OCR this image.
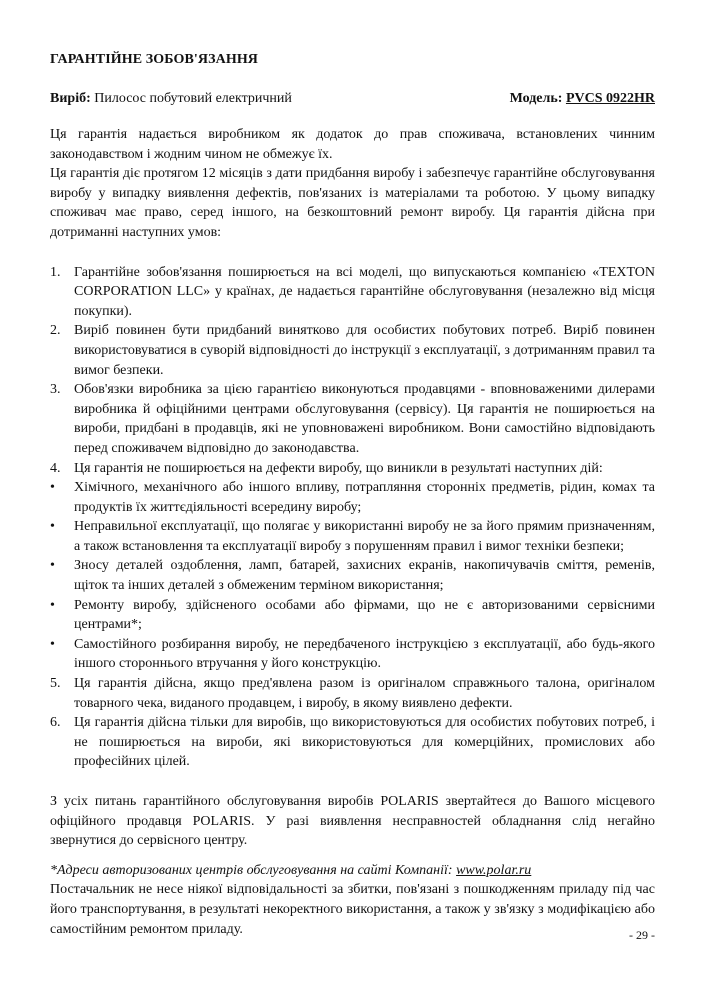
ГАРАНТІЙНЕ ЗОБОВ'ЯЗАННЯ
Виріб: Пилосос побутовий електричний	Модель: PVCS 0922HR

Ця гарантія надається виробником як додаток до прав споживача, встановлених чинним законодавством і жодним чином не обмежує їх.

Ця гарантія діє протягом 12 місяців з дати придбання виробу і забезпечує гарантійне обслуговування виробу у випадку виявлення дефектів, пов'язаних із матеріалами та роботою. У цьому випадку споживач має право, серед іншого, на безкоштовний ремонт виробу. Ця гарантія дійсна при дотриманні наступних умов:

1. Гарантійне зобов'язання поширюється на всі моделі, що випускаються компанією «TEXTON CORPORATION LLC» у країнах, де надається гарантійне обслуговування (незалежно від місця покупки).
2. Виріб повинен бути придбаний винятково для особистих побутових потреб. Виріб повинен використовуватися в суворій відповідності до інструкції з експлуатації, з дотриманням правил та вимог безпеки.
3. Обов'язки виробника за цією гарантією виконуються продавцями - вповноваженими дилерами виробника й офіційними центрами обслуговування (сервісу). Ця гарантія не поширюється на вироби, придбані в продавців, які не уповноважені виробником. Вони самостійно відповідають перед споживачем відповідно до законодавства.
4. Ця гарантія не поширюється на дефекти виробу, що виникли в результаті наступних дій:
• Хімічного, механічного або іншого впливу, потрапляння сторонніх предметів, рідин, комах та продуктів їх життєдіяльності всередину виробу;
• Неправильної експлуатації, що полягає у використанні виробу не за його прямим призначенням, а також встановлення та експлуатації виробу з порушенням правил і вимог техніки безпеки;
• Зносу деталей оздоблення, ламп, батарей, захисних екранів, накопичувачів сміття, ременів, щіток та інших деталей з обмеженим терміном використання;
• Ремонту виробу, здійсненого особами або фірмами, що не є авторизованими сервісними центрами*;
• Самостійного розбирання виробу, не передбаченого інструкцією з експлуатації, або будь-якого іншого стороннього втручання у його конструкцію.
5. Ця гарантія дійсна, якщо пред'явлена разом із оригіналом справжнього талона, оригіналом товарного чека, виданого продавцем, і виробу, в якому виявлено дефекти.
6. Ця гарантія дійсна тільки для виробів, що використовуються для особистих побутових потреб, і не поширюється на вироби, які використовуються для комерційних, промислових або професійних цілей.

З усіх питань гарантійного обслуговування виробів POLARIS звертайтеся до Вашого місцевого офіційного продавця POLARIS. У разі виявлення несправностей обладнання слід негайно звернутися до сервісного центру.

*Адреси авторизованих центрів обслуговування на сайті Компанії: www.polar.ru

Постачальник не несе ніякої відповідальності за збитки, пов'язані з пошкодженням приладу під час його транспортування, в результаті некоректного використання, а також у зв'язку з модифікацією або самостійним ремонтом приладу.	- 29 -
